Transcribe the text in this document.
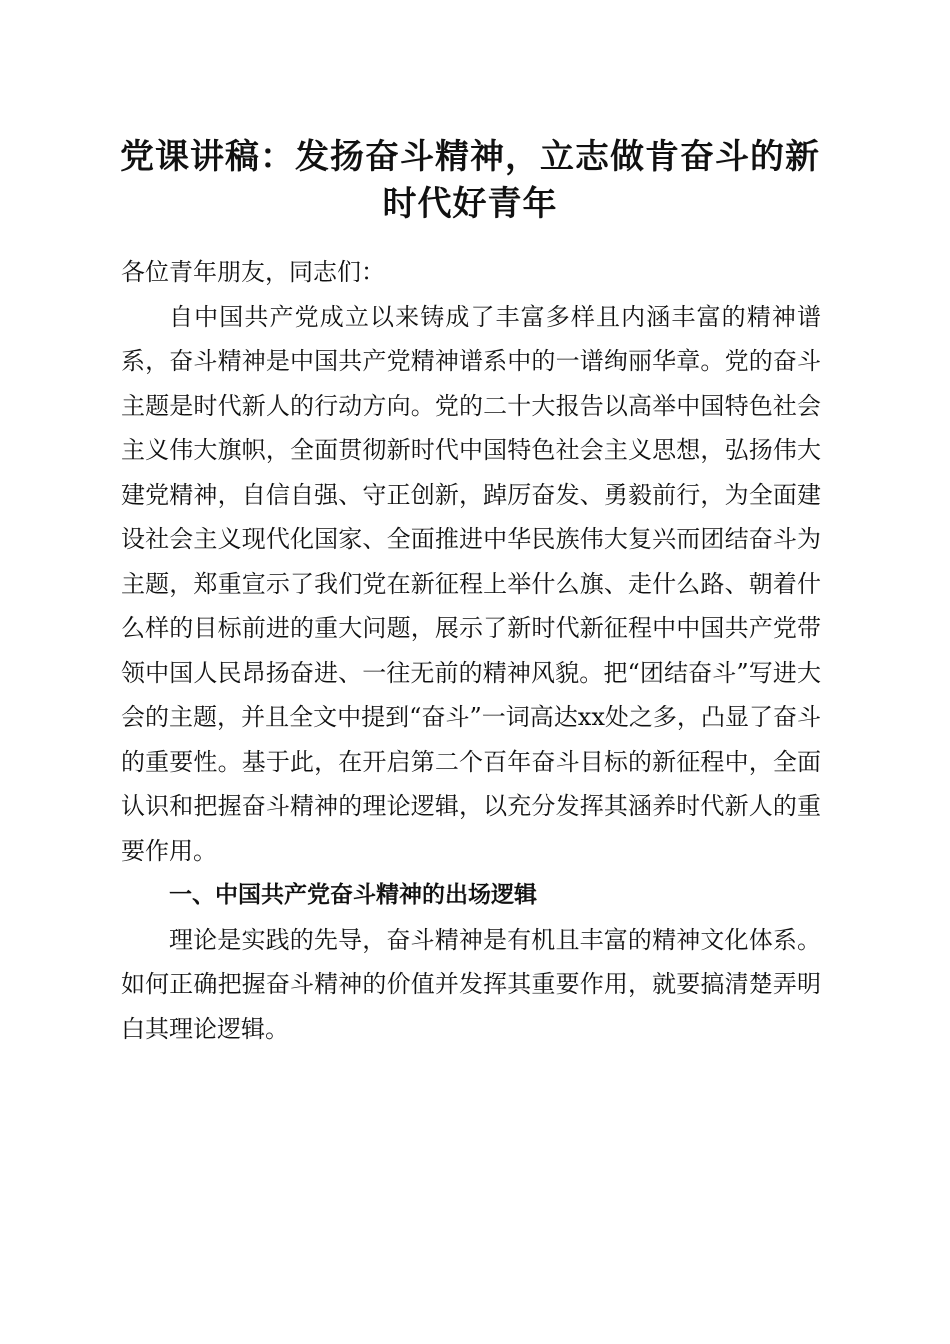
党课讲稿：发扬奋斗精神，立志做肯奋斗的新时代好青年

各位青年朋友，同志们：

自中国共产党成立以来铸成了丰富多样且内涵丰富的精神谱系，奋斗精神是中国共产党精神谱系中的一谱绚丽华章。党的奋斗主题是时代新人的行动方向。党的二十大报告以高举中国特色社会主义伟大旗帜，全面贯彻新时代中国特色社会主义思想，弘扬伟大建党精神，自信自强、守正创新，踔厉奋发、勇毅前行，为全面建设社会主义现代化国家、全面推进中华民族伟大复兴而团结奋斗为主题，郑重宣示了我们党在新征程上举什么旗、走什么路、朝着什么样的目标前进的重大问题，展示了新时代新征程中中国共产党带领中国人民昂扬奋进、一往无前的精神风貌。把“团结奋斗”写进大会的主题，并且全文中提到“奋斗”一词高达xx处之多，凸显了奋斗的重要性。基于此，在开启第二个百年奋斗目标的新征程中，全面认识和把握奋斗精神的理论逻辑，以充分发挥其涵养时代新人的重要作用。

一、中国共产党奋斗精神的出场逻辑

理论是实践的先导，奋斗精神是有机且丰富的精神文化体系。如何正确把握奋斗精神的价值并发挥其重要作用，就要搞清楚弄明白其理论逻辑。
